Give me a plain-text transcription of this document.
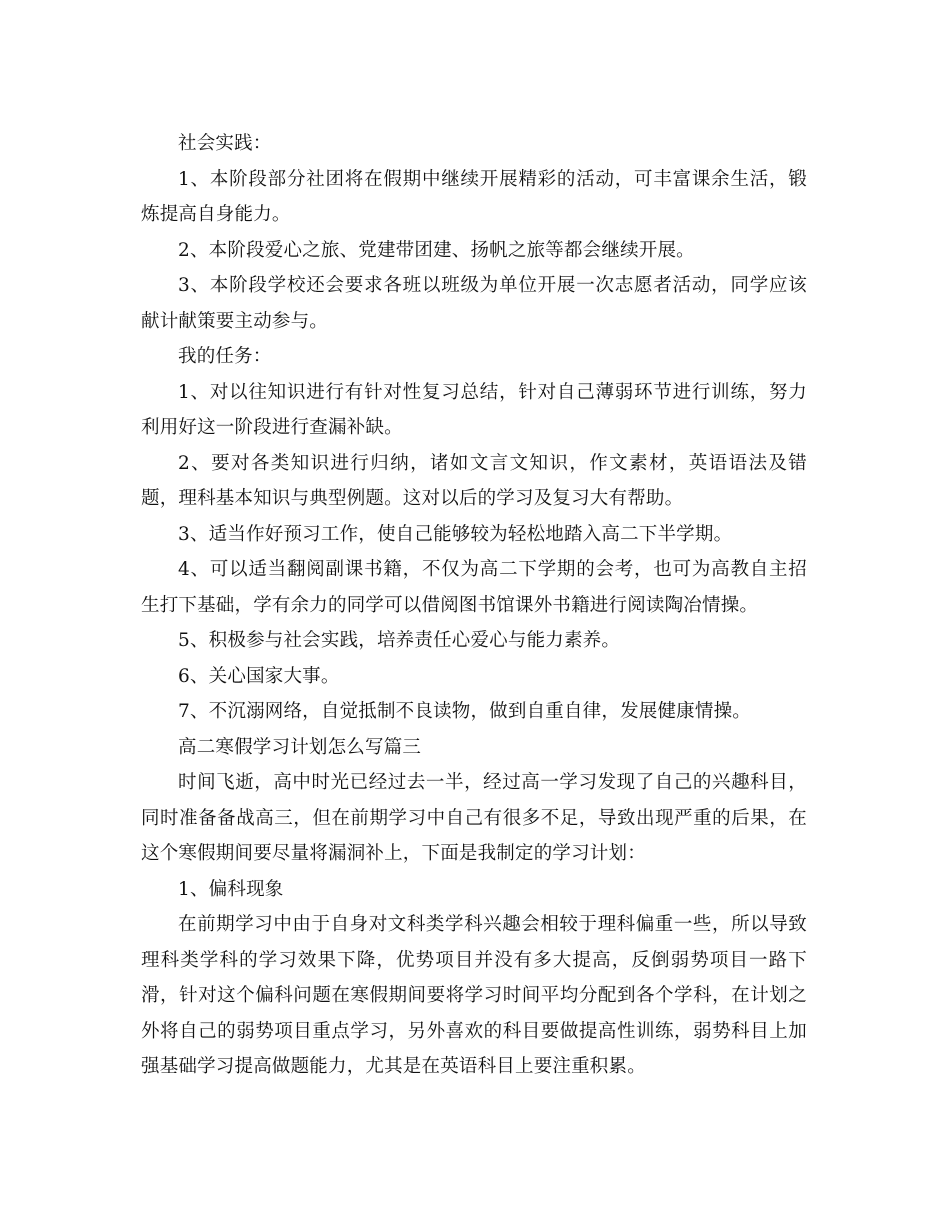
社会实践：

1、本阶段部分社团将在假期中继续开展精彩的活动，可丰富课余生活，锻炼提高自身能力。

2、本阶段爱心之旅、党建带团建、扬帆之旅等都会继续开展。

3、本阶段学校还会要求各班以班级为单位开展一次志愿者活动，同学应该献计献策要主动参与。

我的任务：

1、对以往知识进行有针对性复习总结，针对自己薄弱环节进行训练，努力利用好这一阶段进行查漏补缺。

2、要对各类知识进行归纳，诸如文言文知识，作文素材，英语语法及错题，理科基本知识与典型例题。这对以后的学习及复习大有帮助。

3、适当作好预习工作，使自己能够较为轻松地踏入高二下半学期。

4、可以适当翻阅副课书籍，不仅为高二下学期的会考，也可为高教自主招生打下基础，学有余力的同学可以借阅图书馆课外书籍进行阅读陶冶情操。

5、积极参与社会实践，培养责任心爱心与能力素养。

6、关心国家大事。

7、不沉溺网络，自觉抵制不良读物，做到自重自律，发展健康情操。

高二寒假学习计划怎么写篇三

时间飞逝，高中时光已经过去一半，经过高一学习发现了自己的兴趣科目，同时准备备战高三，但在前期学习中自己有很多不足，导致出现严重的后果，在这个寒假期间要尽量将漏洞补上，下面是我制定的学习计划：

1、偏科现象

在前期学习中由于自身对文科类学科兴趣会相较于理科偏重一些，所以导致理科类学科的学习效果下降，优势项目并没有多大提高，反倒弱势项目一路下滑，针对这个偏科问题在寒假期间要将学习时间平均分配到各个学科，在计划之外将自己的弱势项目重点学习，另外喜欢的科目要做提高性训练，弱势科目上加强基础学习提高做题能力，尤其是在英语科目上要注重积累。
